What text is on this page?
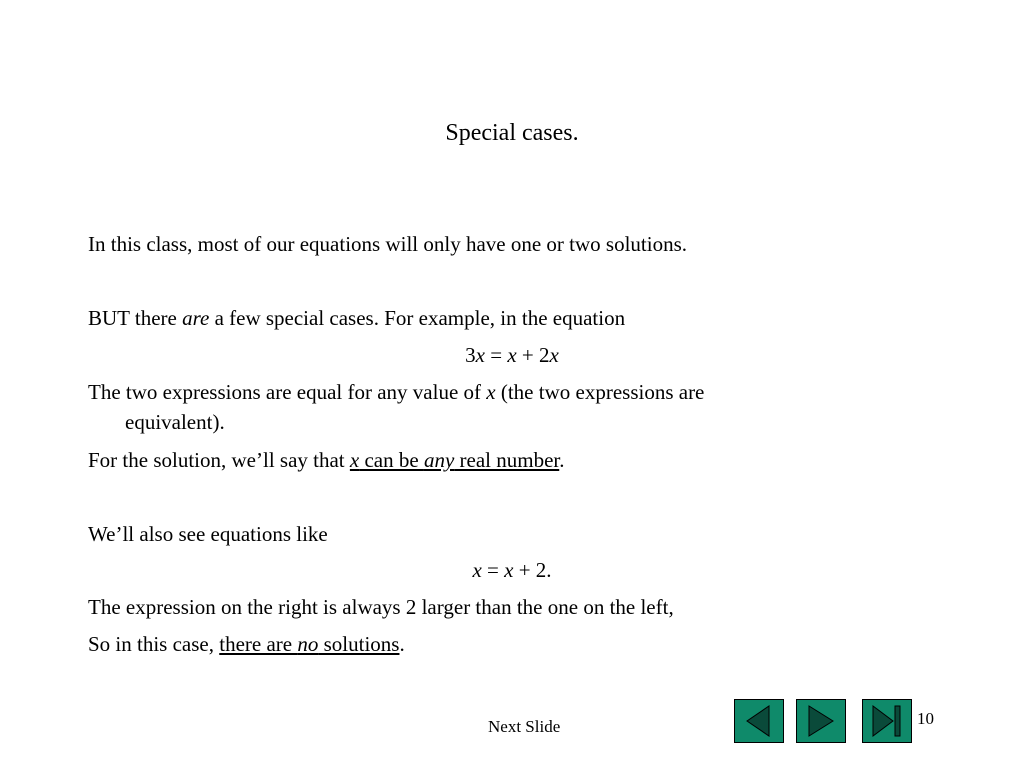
Special cases.
In this class, most of our equations will only have one or two solutions.
BUT there are a few special cases. For example, in the equation
3x = x + 2x
The two expressions are equal for any value of x (the two expressions are
equivalent).
For the solution, we’ll say that x can be any real number.
We’ll also see equations like
x = x + 2.
The expression on the right is always 2 larger than the one on the left,
So in this case, there are no solutions.
Next Slide	10
